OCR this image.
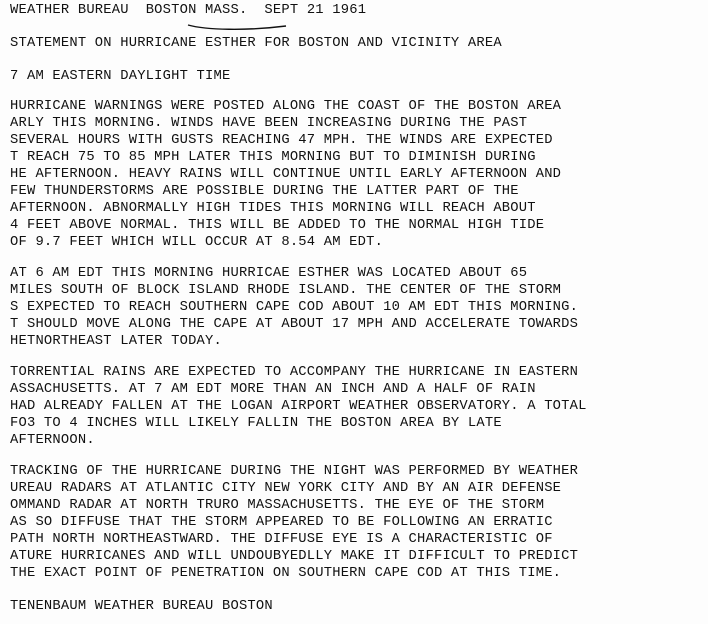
WEATHER BUREAU BOSTON MASS. SEPT 21 1961
STATEMENT ON HURRICANE ESTHER FOR BOSTON AND VICINITY AREA
7 AM EASTERN DAYLIGHT TIME
HURRICANE WARNINGS WERE POSTED ALONG THE COAST OF THE BOSTON AREA
ARLY THIS MORNING. WINDS HAVE BEEN INCREASING DURING THE PAST
SEVERAL HOURS WITH GUSTS REACHING 47 MPH. THE WINDS ARE EXPECTED
T REACH 75 TO 85 MPH LATER THIS MORNING BUT TO DIMINISH DURING
HE AFTERNOON. HEAVY RAINS WILL CONTINUE UNTIL EARLY AFTERNOON AND
FEW THUNDERSTORMS ARE POSSIBLE DURING THE LATTER PART OF THE
AFTERNOON. ABNORMALLY HIGH TIDES THIS MORNING WILL REACH ABOUT
4 FEET ABOVE NORMAL. THIS WILL BE ADDED TO THE NORMAL HIGH TIDE
OF 9.7 FEET WHICH WILL OCCUR AT 8.54 AM EDT.
AT 6 AM EDT THIS MORNING HURRICAE ESTHER WAS LOCATED ABOUT 65
MILES SOUTH OF BLOCK ISLAND RHODE ISLAND. THE CENTER OF THE STORM
S EXPECTED TO REACH SOUTHERN CAPE COD ABOUT 10 AM EDT THIS MORNING.
T SHOULD MOVE ALONG THE CAPE AT ABOUT 17 MPH AND ACCELERATE TOWARDS
HETNORTHEAST LATER TODAY.
TORRENTIAL RAINS ARE EXPECTED TO ACCOMPANY THE HURRICANE IN EASTERN
ASSACHUSETTS. AT 7 AM EDT MORE THAN AN INCH AND A HALF OF RAIN
HAD ALREADY FALLEN AT THE LOGAN AIRPORT WEATHER OBSERVATORY. A TOTAL
FO3 TO 4 INCHES WILL LIKELY FALLIN THE BOSTON AREA BY LATE
AFTERNOON.
TRACKING OF THE HURRICANE DURING THE NIGHT WAS PERFORMED BY WEATHER
UREAU RADARS AT ATLANTIC CITY NEW YORK CITY AND BY AN AIR DEFENSE
OMMAND RADAR AT NORTH TRURO MASSACHUSETTS. THE EYE OF THE STORM
AS SO DIFFUSE THAT THE STORM APPEARED TO BE FOLLOWING AN ERRATIC
PATH NORTH NORTHEASTWARD. THE DIFFUSE EYE IS A CHARACTERISTIC OF
ATURE HURRICANES AND WILL UNDOUBYEDLLY MAKE IT DIFFICULT TO PREDICT
THE EXACT POINT OF PENETRATION ON SOUTHERN CAPE COD AT THIS TIME.
TENENBAUM WEATHER BUREAU BOSTON
